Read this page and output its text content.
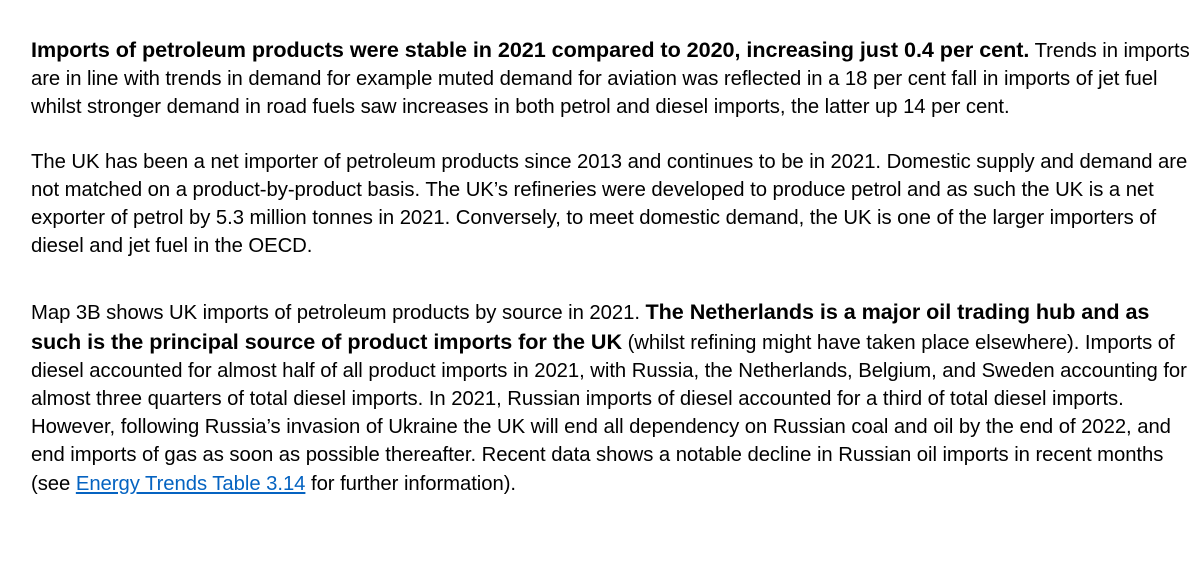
Imports of petroleum products were stable in 2021 compared to 2020, increasing just 0.4 per cent. Trends in imports are in line with trends in demand for example muted demand for aviation was reflected in a 18 per cent fall in imports of jet fuel whilst stronger demand in road fuels saw increases in both petrol and diesel imports, the latter up 14 per cent.

The UK has been a net importer of petroleum products since 2013 and continues to be in 2021. Domestic supply and demand are not matched on a product-by-product basis. The UK’s refineries were developed to produce petrol and as such the UK is a net exporter of petrol by 5.3 million tonnes in 2021. Conversely, to meet domestic demand, the UK is one of the larger importers of diesel and jet fuel in the OECD.

Map 3B shows UK imports of petroleum products by source in 2021. The Netherlands is a major oil trading hub and as such is the principal source of product imports for the UK (whilst refining might have taken place elsewhere). Imports of diesel accounted for almost half of all product imports in 2021, with Russia, the Netherlands, Belgium, and Sweden accounting for almost three quarters of total diesel imports. In 2021, Russian imports of diesel accounted for a third of total diesel imports. However, following Russia’s invasion of Ukraine the UK will end all dependency on Russian coal and oil by the end of 2022, and end imports of gas as soon as possible thereafter. Recent data shows a notable decline in Russian oil imports in recent months (see Energy Trends Table 3.14 for further information).
